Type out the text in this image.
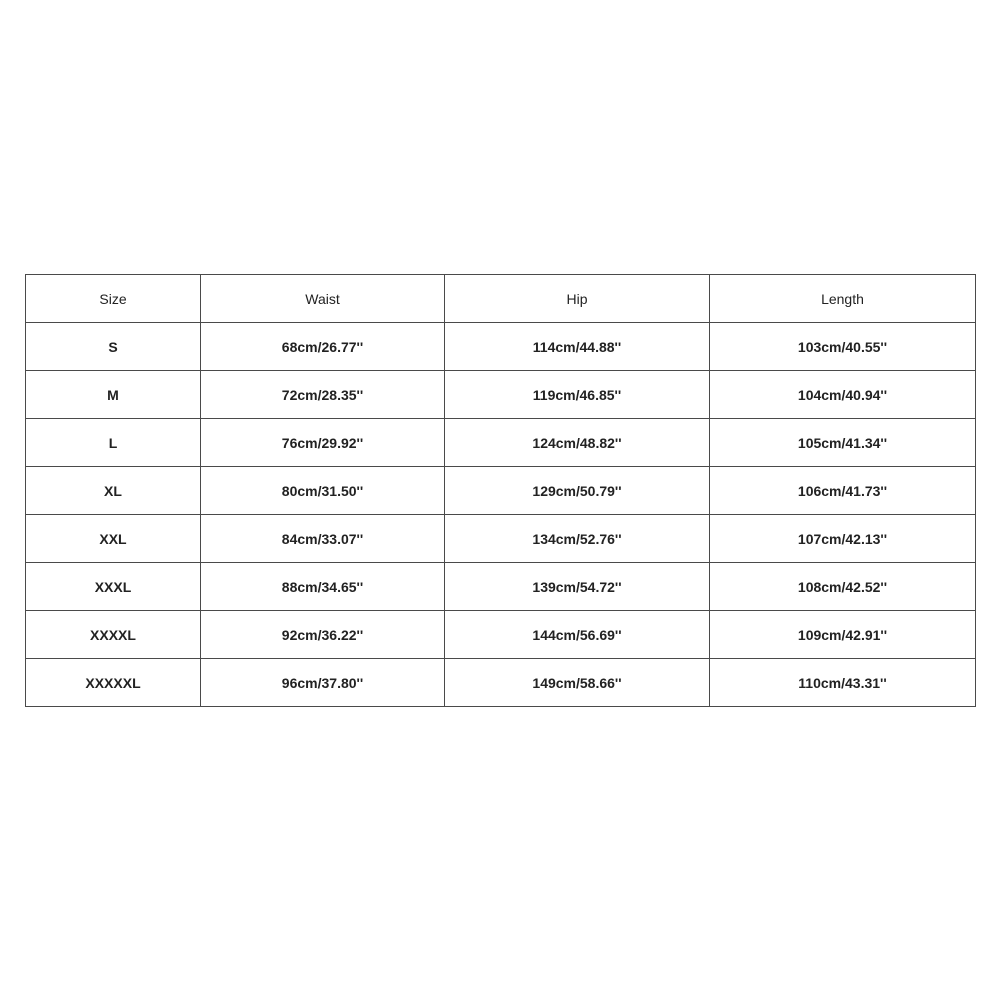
Size	Waist	Hip	Length
S	68cm/26.77''	114cm/44.88''	103cm/40.55''
M	72cm/28.35''	119cm/46.85''	104cm/40.94''
L	76cm/29.92''	124cm/48.82''	105cm/41.34''
XL	80cm/31.50''	129cm/50.79''	106cm/41.73''
XXL	84cm/33.07''	134cm/52.76''	107cm/42.13''
XXXL	88cm/34.65''	139cm/54.72''	108cm/42.52''
XXXXL	92cm/36.22''	144cm/56.69''	109cm/42.91''
XXXXXL	96cm/37.80''	149cm/58.66''	110cm/43.31''
